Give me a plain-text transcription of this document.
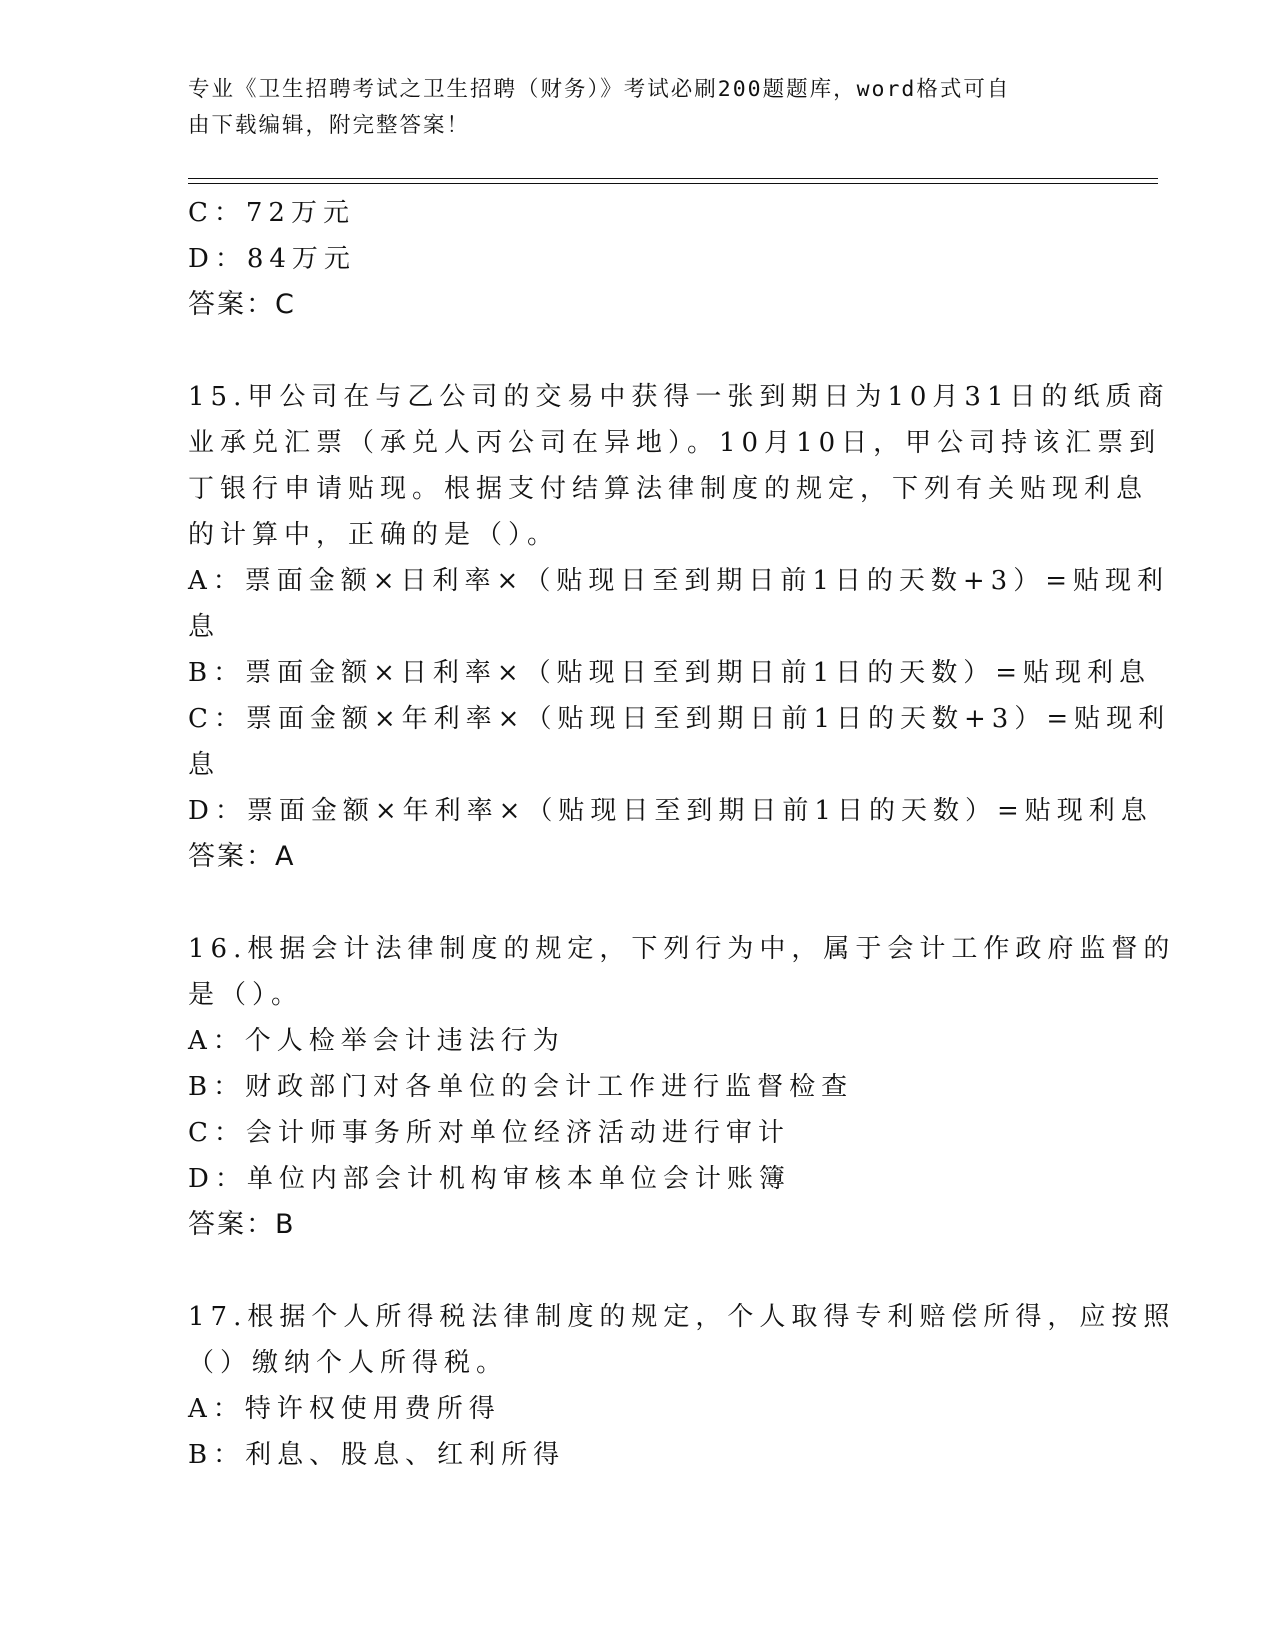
专业《卫生招聘考试之卫生招聘（财务）》考试必刷200题题库，word格式可自
由下载编辑，附完整答案！
C：72万元
D：84万元
答案：C
15.甲公司在与乙公司的交易中获得一张到期日为10月31日的纸质商
业承兑汇票（承兑人丙公司在异地）。10月10日，甲公司持该汇票到
丁银行申请贴现。根据支付结算法律制度的规定，下列有关贴现利息
的计算中，正确的是（）。
A：票面金额×日利率×（贴现日至到期日前1日的天数+3）=贴现利
息
B：票面金额×日利率×（贴现日至到期日前1日的天数）=贴现利息
C：票面金额×年利率×（贴现日至到期日前1日的天数+3）=贴现利
息
D：票面金额×年利率×（贴现日至到期日前1日的天数）=贴现利息
答案：A
16.根据会计法律制度的规定，下列行为中，属于会计工作政府监督的
是（）。
A：个人检举会计违法行为
B：财政部门对各单位的会计工作进行监督检查
C：会计师事务所对单位经济活动进行审计
D：单位内部会计机构审核本单位会计账簿
答案：B
17.根据个人所得税法律制度的规定，个人取得专利赔偿所得，应按照
（）缴纳个人所得税。
A：特许权使用费所得
B：利息、股息、红利所得
